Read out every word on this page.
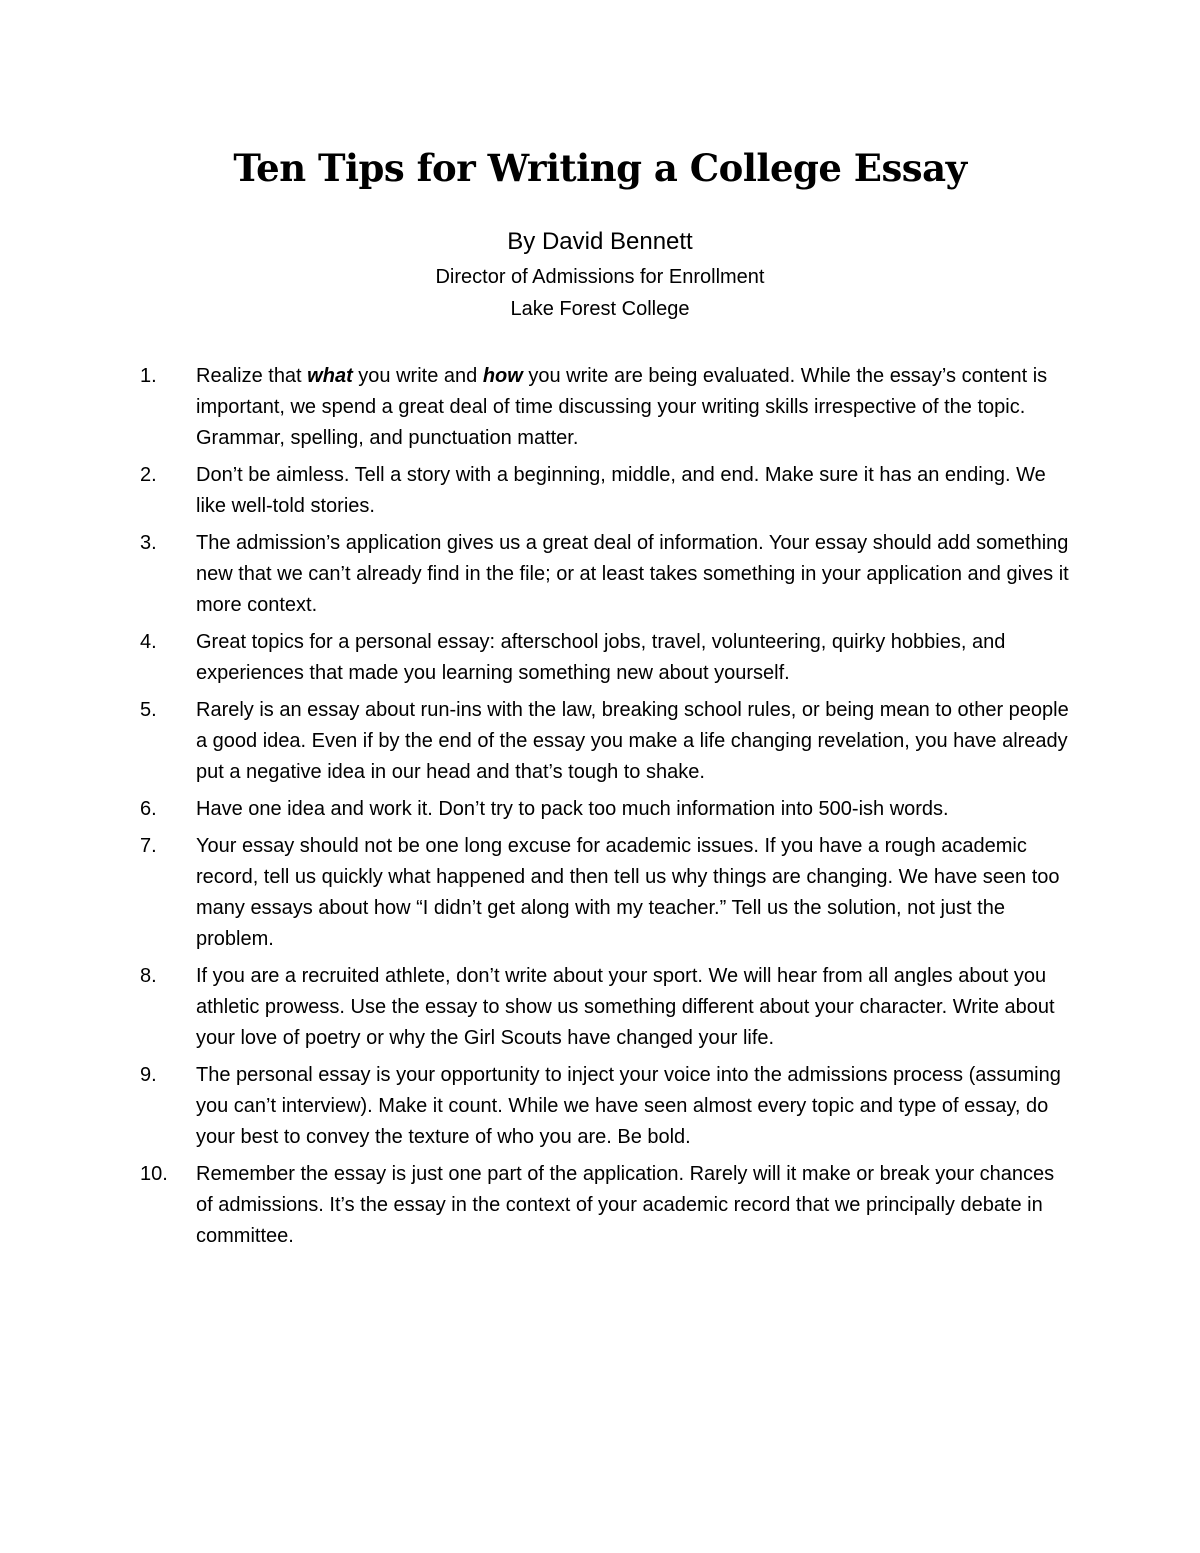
Ten Tips for Writing a College Essay

By David Bennett

Director of Admissions for Enrollment

Lake Forest College

1.	Realize that what you write and how you write are being evaluated. While the essay’s content is important, we spend a great deal of time discussing your writing skills irrespective of the topic. Grammar, spelling, and punctuation matter.
2.	Don’t be aimless. Tell a story with a beginning, middle, and end. Make sure it has an ending. We like well-told stories.
3.	The admission’s application gives us a great deal of information. Your essay should add something new that we can’t already find in the file; or at least takes something in your application and gives it more context.
4.	Great topics for a personal essay: afterschool jobs, travel, volunteering, quirky hobbies, and experiences that made you learning something new about yourself.
5.	Rarely is an essay about run-ins with the law, breaking school rules, or being mean to other people a good idea. Even if by the end of the essay you make a life changing revelation, you have already put a negative idea in our head and that’s tough to shake.
6.	Have one idea and work it. Don’t try to pack too much information into 500-ish words.
7.	Your essay should not be one long excuse for academic issues. If you have a rough academic record, tell us quickly what happened and then tell us why things are changing. We have seen too many essays about how “I didn’t get along with my teacher.” Tell us the solution, not just the problem.
8.	If you are a recruited athlete, don’t write about your sport. We will hear from all angles about you athletic prowess. Use the essay to show us something different about your character. Write about your love of poetry or why the Girl Scouts have changed your life.
9.	The personal essay is your opportunity to inject your voice into the admissions process (assuming you can’t interview). Make it count. While we have seen almost every topic and type of essay, do your best to convey the texture of who you are. Be bold.
10.	Remember the essay is just one part of the application. Rarely will it make or break your chances of admissions. It’s the essay in the context of your academic record that we principally debate in committee.
